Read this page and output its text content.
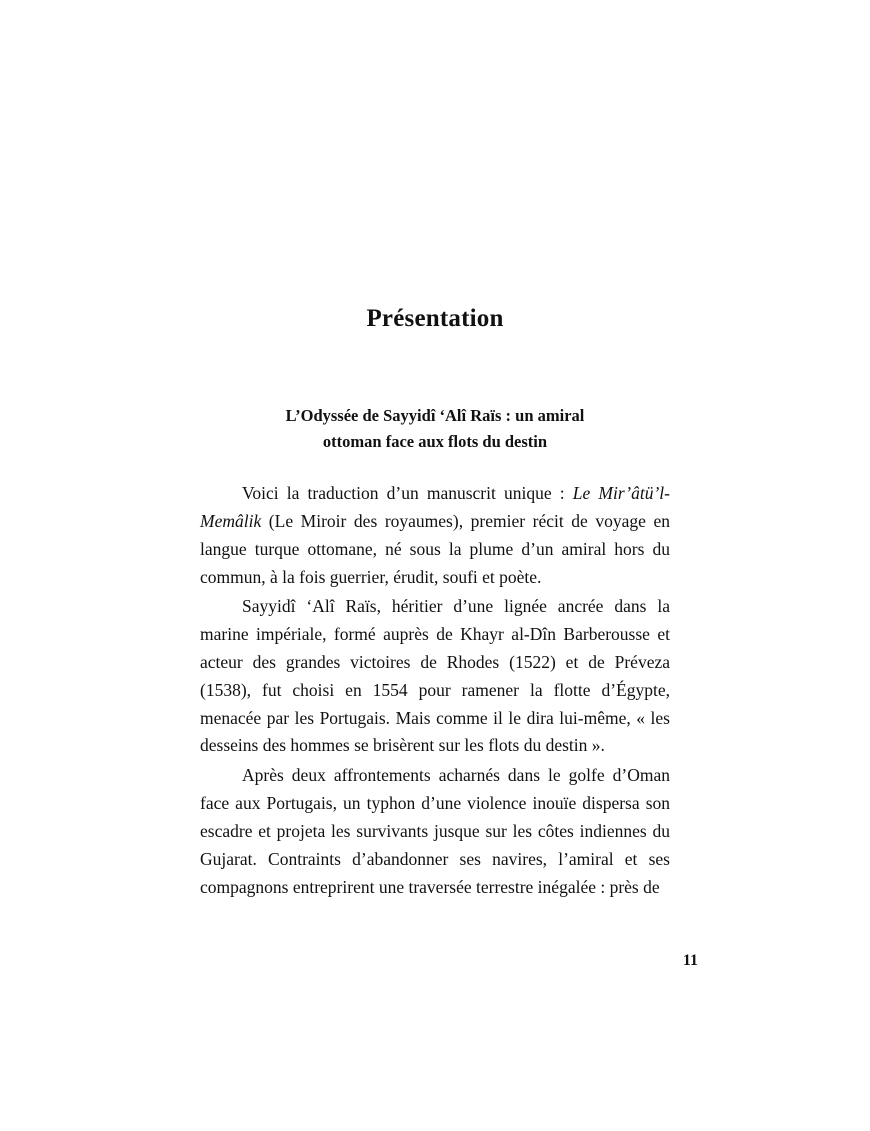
Présentation
L’Odyssée de Sayyidî ‘Alî Raïs : un amiral
ottoman face aux flots du destin

Voici la traduction d’un manuscrit unique : Le Mir’âtü’l-Memâlik (Le Miroir des royaumes), premier récit de voyage en langue turque ottomane, né sous la plume d’un amiral hors du commun, à la fois guerrier, érudit, soufi et poète.

Sayyidî ‘Alî Raïs, héritier d’une lignée ancrée dans la marine impériale, formé auprès de Khayr al-Dîn Barberousse et acteur des grandes victoires de Rhodes (1522) et de Préveza (1538), fut choisi en 1554 pour ramener la flotte d’Égypte, menacée par les Portugais. Mais comme il le dira lui-même, « les desseins des hommes se brisèrent sur les flots du destin ».

Après deux affrontements acharnés dans le golfe d’Oman face aux Portugais, un typhon d’une violence inouïe dispersa son escadre et projeta les survivants jusque sur les côtes indiennes du Gujarat. Contraints d’abandonner ses navires, l’amiral et ses compagnons entreprirent une traversée terrestre inégalée : près de

11
